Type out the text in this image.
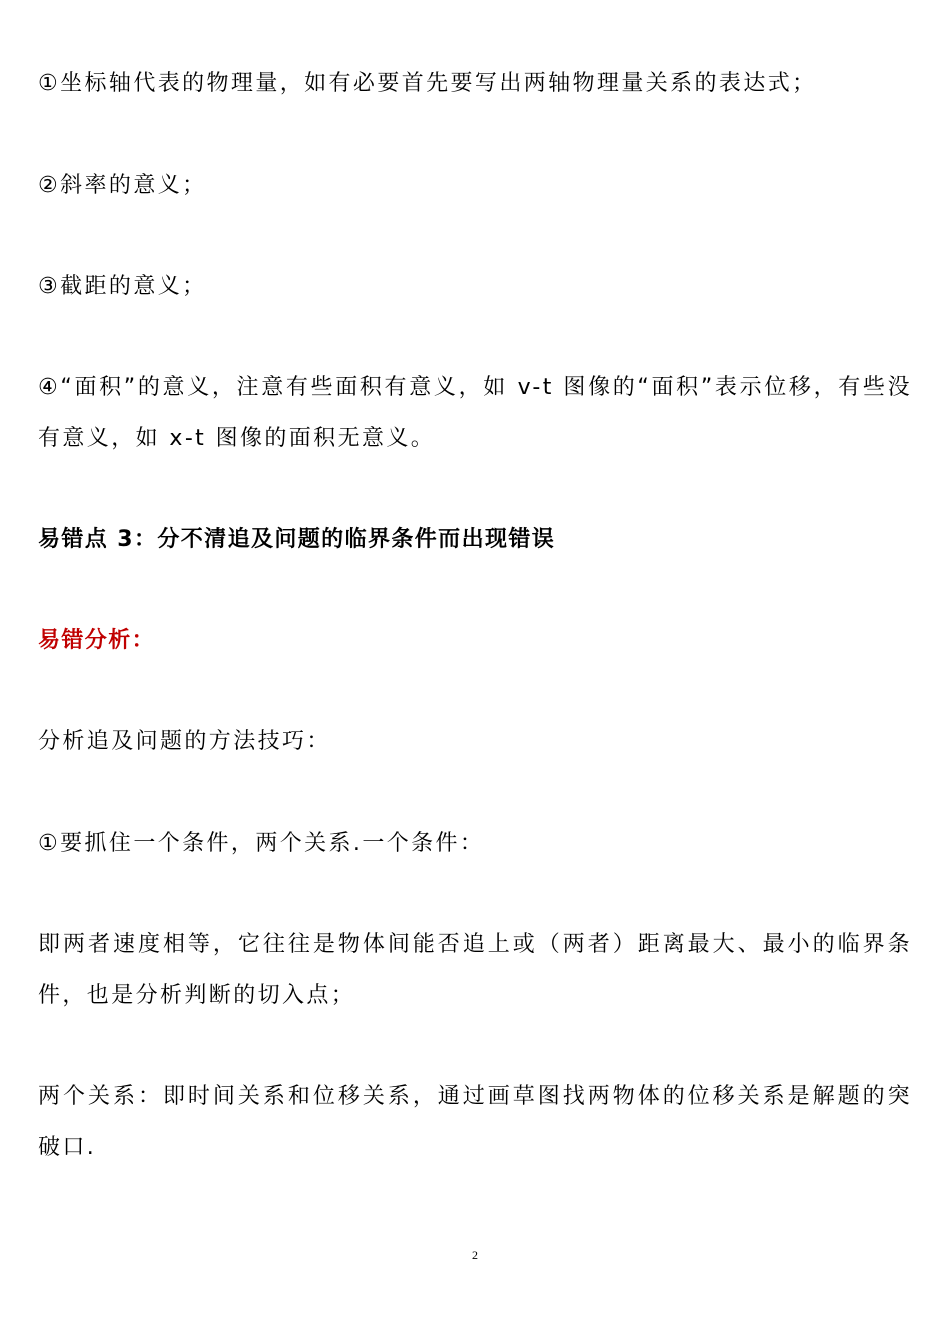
①坐标轴代表的物理量，如有必要首先要写出两轴物理量关系的表达式；

②斜率的意义；

③截距的意义；

④“面积”的意义，注意有些面积有意义，如 v-t 图像的“面积”表示位移，有些没有意义，如 x-t 图像的面积无意义。

易错点 3：分不清追及问题的临界条件而出现错误

易错分析：

分析追及问题的方法技巧：

①要抓住一个条件，两个关系.一个条件：

即两者速度相等，它往往是物体间能否追上或（两者）距离最大、最小的临界条件，也是分析判断的切入点；

两个关系：即时间关系和位移关系，通过画草图找两物体的位移关系是解题的突破口.

2
